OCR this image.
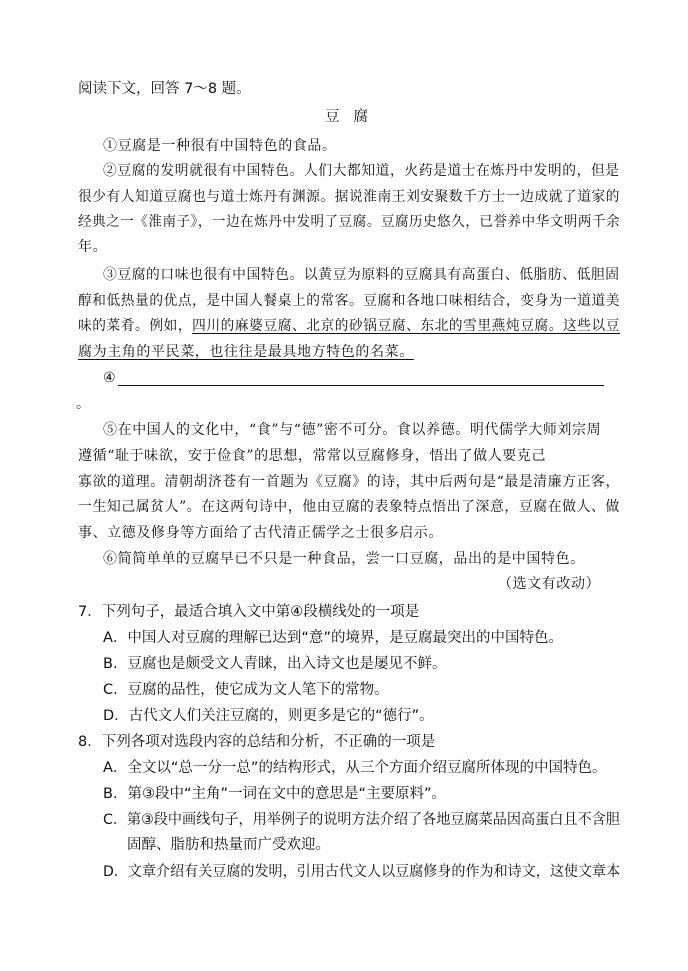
阅读下文，回答 7～8 题。
豆腐
①豆腐是一种很有中国特色的食品。
②豆腐的发明就很有中国特色。人们大都知道，火药是道士在炼丹中发明的，但是
很少有人知道豆腐也与道士炼丹有渊源。据说淮南王刘安聚数千方士一边成就了道家的
经典之一《淮南子》，一边在炼丹中发明了豆腐。豆腐历史悠久，已誉养中华文明两千余
年。
③豆腐的口味也很有中国特色。以黄豆为原料的豆腐具有高蛋白、低脂肪、低胆固
醇和低热量的优点，是中国人餐桌上的常客。豆腐和各地口味相结合，变身为一道道美
味的菜肴。例如，四川的麻婆豆腐、北京的砂锅豆腐、东北的雪里燕炖豆腐。这些以豆
腐为主角的平民菜，也往往是最具地方特色的名菜。
④
。
⑤在中国人的文化中，“食”与“德”密不可分。食以养德。明代儒学大师刘宗周
遵循“耻于味欲，安于俭食”的思想，常常以豆腐修身，悟出了做人要克己
寡欲的道理。清朝胡济苍有一首题为《豆腐》的诗，其中后两句是“最是清廉方正客，
一生知己属贫人”。在这两句诗中，他由豆腐的表象特点悟出了深意，豆腐在做人、做
事、立德及修身等方面给了古代清正儒学之士很多启示。
⑥简简单单的豆腐早已不只是一种食品，尝一口豆腐，品出的是中国特色。
（选文有改动）
7．下列句子，最适合填入文中第④段横线处的一项是
A．中国人对豆腐的理解已达到“意”的境界，是豆腐最突出的中国特色。
B．豆腐也是颇受文人青睐，出入诗文也是屡见不鲜。
C．豆腐的品性，使它成为文人笔下的常物。
D．古代文人们关注豆腐的，则更多是它的“德行”。
8．下列各项对选段内容的总结和分析，不正确的一项是
A．全文以“总一分一总”的结构形式，从三个方面介绍豆腐所体现的中国特色。
B．第③段中“主角”一词在文中的意思是“主要原料”。
C．第③段中画线句子，用举例子的说明方法介绍了各地豆腐菜品因高蛋白且不含胆
固醇、脂肪和热量而广受欢迎。
D．文章介绍有关豆腐的发明，引用古代文人以豆腐修身的作为和诗文，这使文章本
